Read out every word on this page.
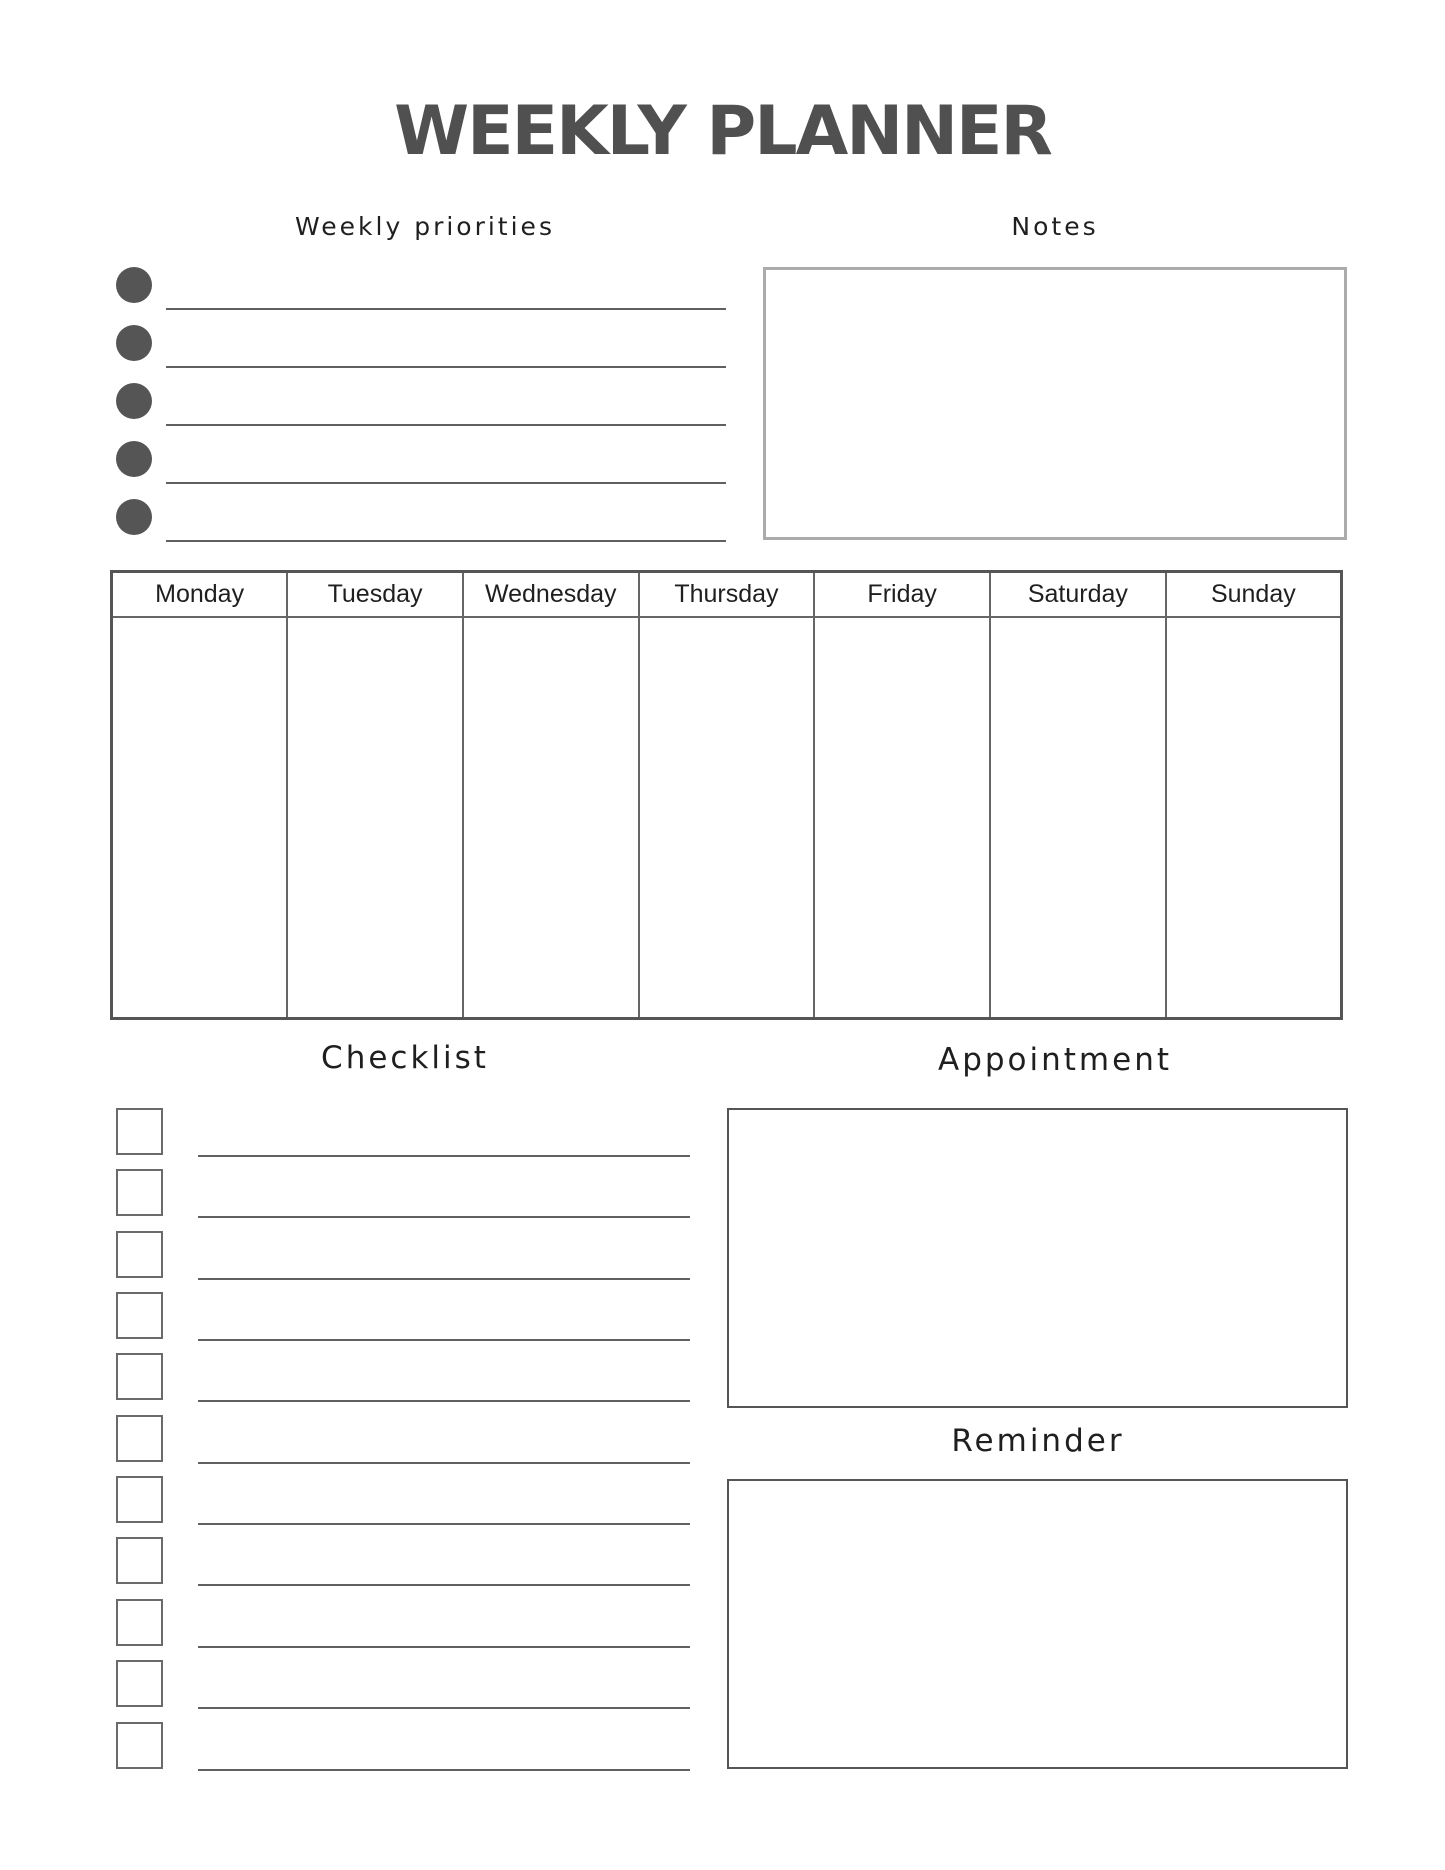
WEEKLY PLANNER
Weekly priorities	Notes
Monday	Tuesday	Wednesday	Thursday	Friday	Saturday	Sunday

Checklist	Appointment
Reminder
